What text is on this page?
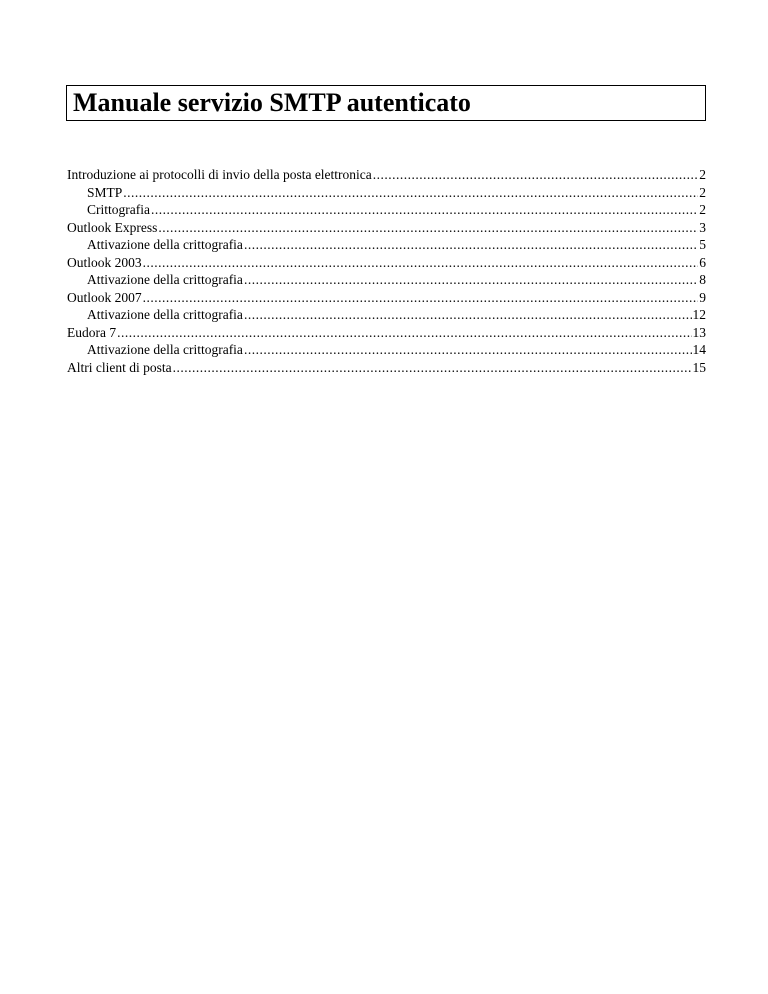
Manuale servizio SMTP autenticato
Introduzione ai protocolli di invio della posta elettronica .....	2
SMTP .....	2
Crittografia .....	2
Outlook Express .....	3
Attivazione della crittografia .....	5
Outlook 2003 .....	6
Attivazione della crittografia .....	8
Outlook 2007 .....	9
Attivazione della crittografia .....	12
Eudora 7 .....	13
Attivazione della crittografia .....	14
Altri client di posta .....	15
